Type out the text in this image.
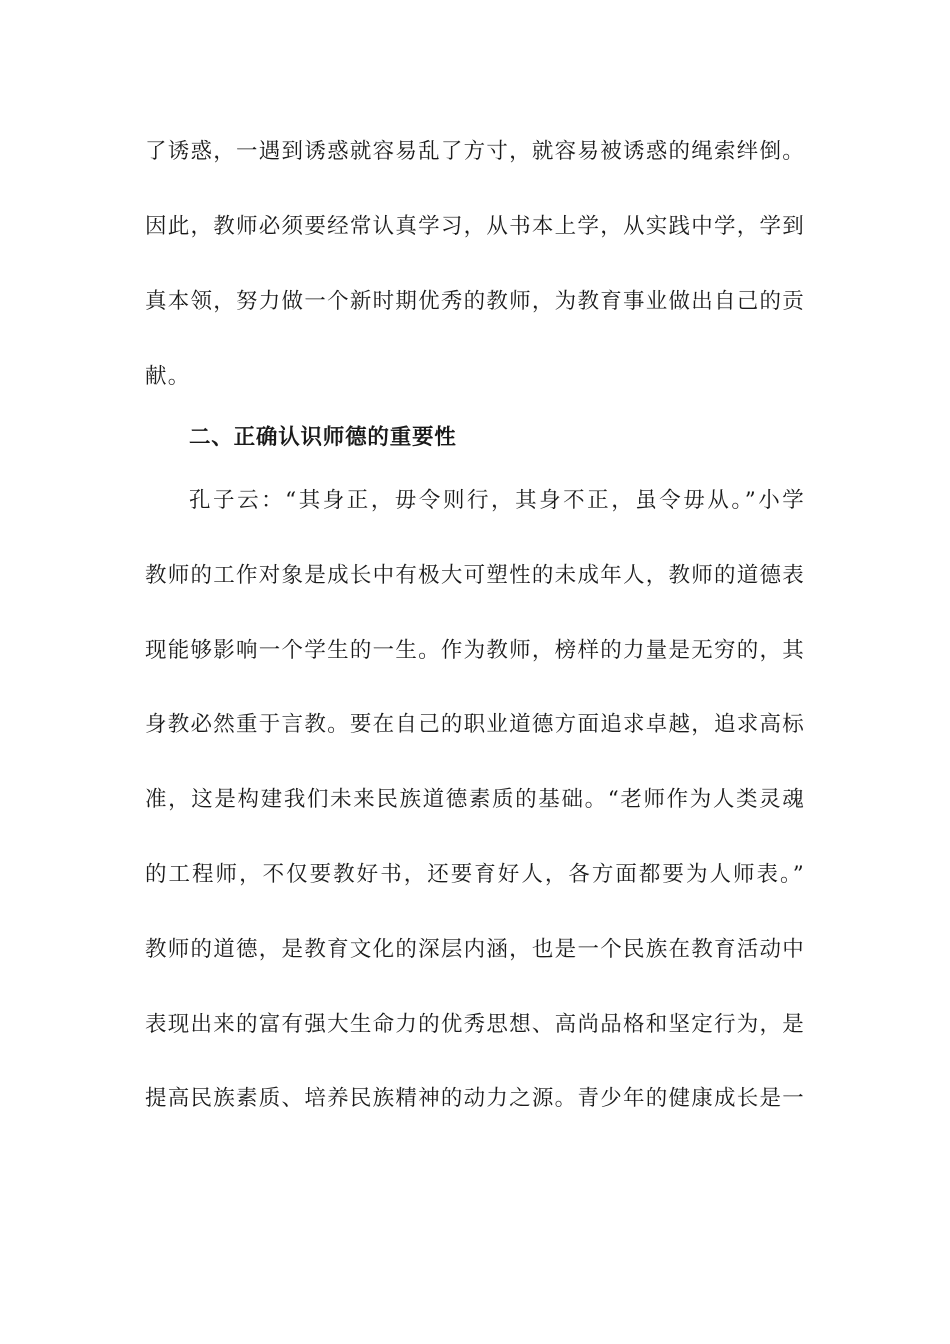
了诱惑，一遇到诱惑就容易乱了方寸，就容易被诱惑的绳索绊倒。
因此，教师必须要经常认真学习，从书本上学，从实践中学，学到
真本领，努力做一个新时期优秀的教师，为教育事业做出自己的贡
献。
二、正确认识师德的重要性
孔子云：“其身正，毋令则行，其身不正，虽令毋从。”小学
教师的工作对象是成长中有极大可塑性的未成年人，教师的道德表
现能够影响一个学生的一生。作为教师，榜样的力量是无穷的，其
身教必然重于言教。要在自己的职业道德方面追求卓越，追求高标
准，这是构建我们未来民族道德素质的基础。“老师作为人类灵魂
的工程师，不仅要教好书，还要育好人，各方面都要为人师表。”
教师的道德，是教育文化的深层内涵，也是一个民族在教育活动中
表现出来的富有强大生命力的优秀思想、高尚品格和坚定行为，是
提高民族素质、培养民族精神的动力之源。青少年的健康成长是一
